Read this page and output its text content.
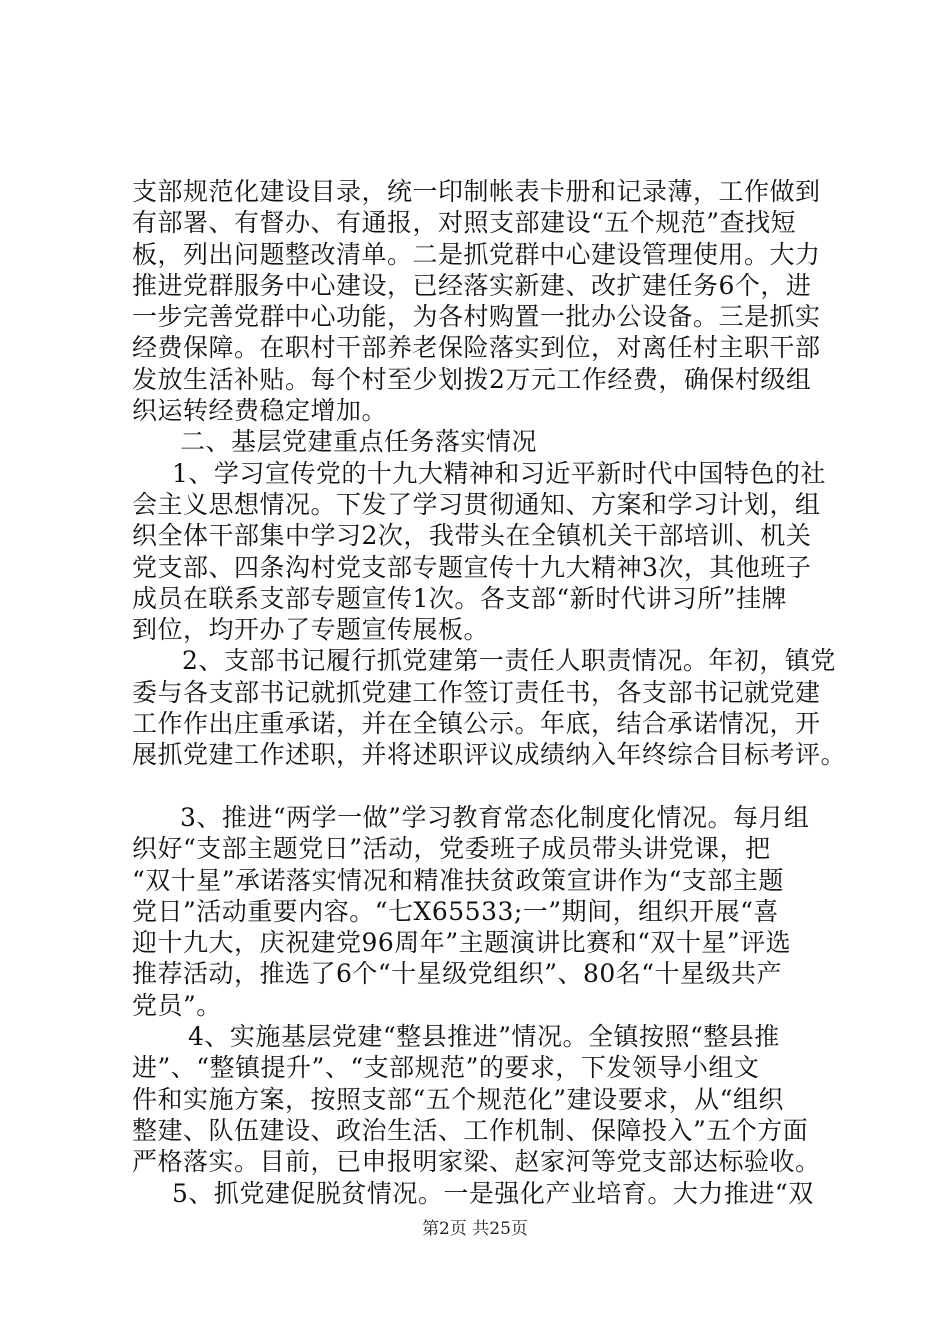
支部规范化建设目录，统一印制帐表卡册和记录薄，工作做到
有部署、有督办、有通报，对照支部建设“五个规范”查找短
板，列出问题整改清单。二是抓党群中心建设管理使用。大力
推进党群服务中心建设，已经落实新建、改扩建任务6个，进
一步完善党群中心功能，为各村购置一批办公设备。三是抓实
经费保障。在职村干部养老保险落实到位，对离任村主职干部
发放生活补贴。每个村至少划拨2万元工作经费，确保村级组
织运转经费稳定增加。
二、基层党建重点任务落实情况
1、学习宣传党的十九大精神和习近平新时代中国特色的社
会主义思想情况。下发了学习贯彻通知、方案和学习计划，组
织全体干部集中学习2次，我带头在全镇机关干部培训、机关
党支部、四条沟村党支部专题宣传十九大精神3次，其他班子
成员在联系支部专题宣传1次。各支部“新时代讲习所”挂牌
到位，均开办了专题宣传展板。
2、支部书记履行抓党建第一责任人职责情况。年初，镇党
委与各支部书记就抓党建工作签订责任书，各支部书记就党建
工作作出庄重承诺，并在全镇公示。年底，结合承诺情况，开
展抓党建工作述职，并将述职评议成绩纳入年终综合目标考评。
3、推进“两学一做”学习教育常态化制度化情况。每月组
织好“支部主题党日”活动，党委班子成员带头讲党课，把
“双十星”承诺落实情况和精准扶贫政策宣讲作为“支部主题
党日”活动重要内容。“七X65533;一”期间，组织开展“喜
迎十九大，庆祝建党96周年”主题演讲比赛和“双十星”评选
推荐活动，推选了6个“十星级党组织”、80名“十星级共产
党员”。
4、实施基层党建“整县推进”情况。全镇按照“整县推
进”、“整镇提升”、“支部规范”的要求，下发领导小组文
件和实施方案，按照支部“五个规范化”建设要求，从“组织
整建、队伍建设、政治生活、工作机制、保障投入”五个方面
严格落实。目前，已申报明家梁、赵家河等党支部达标验收。
5、抓党建促脱贫情况。一是强化产业培育。大力推进“双
第2页 共25页
